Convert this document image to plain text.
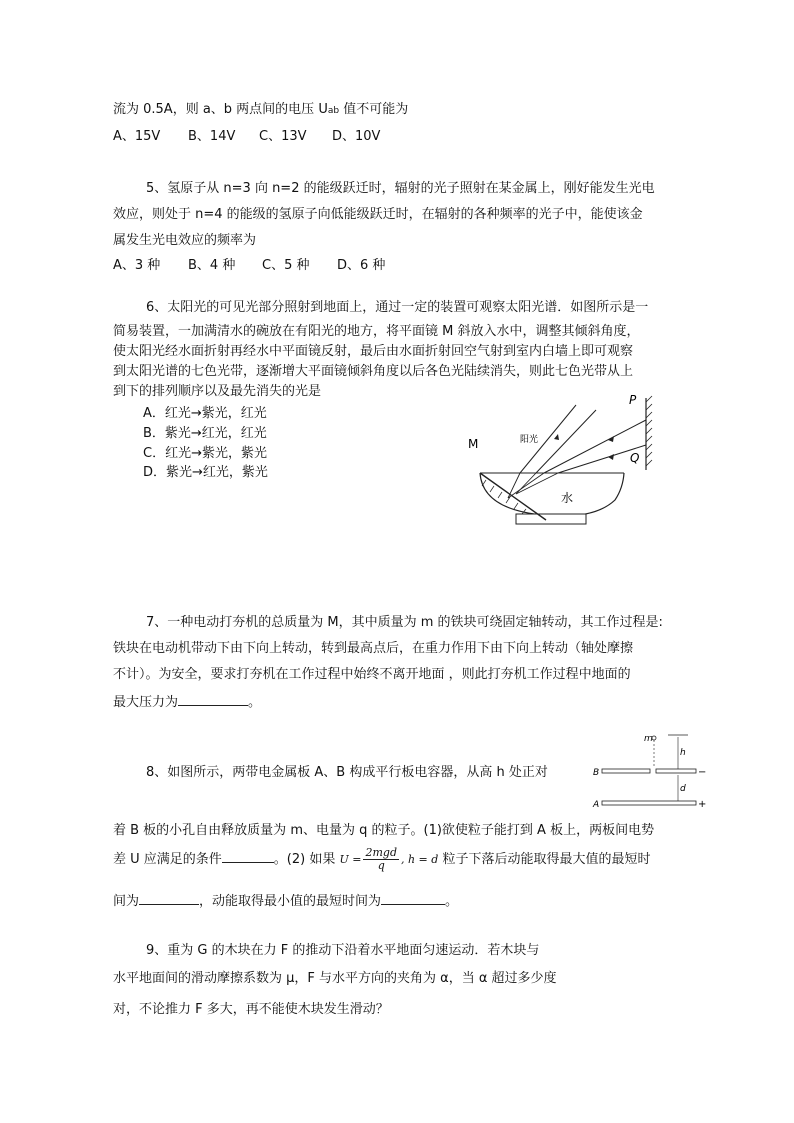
流为 0.5A，则 a、b 两点间的电压 Uab 值不可能为
A、15V B、14V C、13V D、10V
5、氢原子从 n=3 向 n=2 的能级跃迁时，辐射的光子照射在某金属上，刚好能发生光电
效应，则处于 n=4 的能级的氢原子向低能级跃迁时，在辐射的各种频率的光子中，能使该金
属发生光电效应的频率为
A、3 种 B、4 种 C、5 种 D、6 种
6、太阳光的可见光部分照射到地面上，通过一定的装置可观察太阳光谱．如图所示是一
简易装置，一加满清水的碗放在有阳光的地方，将平面镜 M 斜放入水中，调整其倾斜角度，
使太阳光经水面折射再经水中平面镜反射，最后由水面折射回空气射到室内白墙上即可观察
到太阳光谱的七色光带，逐渐增大平面镜倾斜角度以后各色光陆续消失，则此七色光带从上
到下的排列顺序以及最先消失的光是
A．红光→紫光，红光
B．紫光→红光，红光
C．红光→紫光，紫光
D．紫光→红光，紫光
P
Q
M	阳光
水
7、一种电动打夯机的总质量为 M，其中质量为 m 的铁块可绕固定轴转动，其工作过程是:
铁块在电动机带动下由下向上转动，转到最高点后，在重力作用下由下向上转动（轴处摩擦
不计）。为安全，要求打夯机在工作过程中始终不离开地面 ，则此打夯机工作过程中地面的
最大压力为	。
8、如图所示，两带电金属板 A、B 构成平行板电容器，从高 h 处正对
m
h
B	−
d
A	+
着 B 板的小孔自由释放质量为 m、电量为 q 的粒子。(1)欲使粒子能打到 A 板上，两板间电势
差 U 应满足的条件	。(2) 如果 $U = \frac{\text{2mgd}}{q}$ , h = d 粒子下落后动能取得最大值的最短时
间为	，动能取得最小值的最短时间为	。
9、重为 G 的木块在力 F 的推动下沿着水平地面匀速运动．若木块与
水平地面间的滑动摩擦系数为 μ，F 与水平方向的夹角为 α，当 α 超过多少度
对，不论推力 F 多大，再不能使木块发生滑动？
